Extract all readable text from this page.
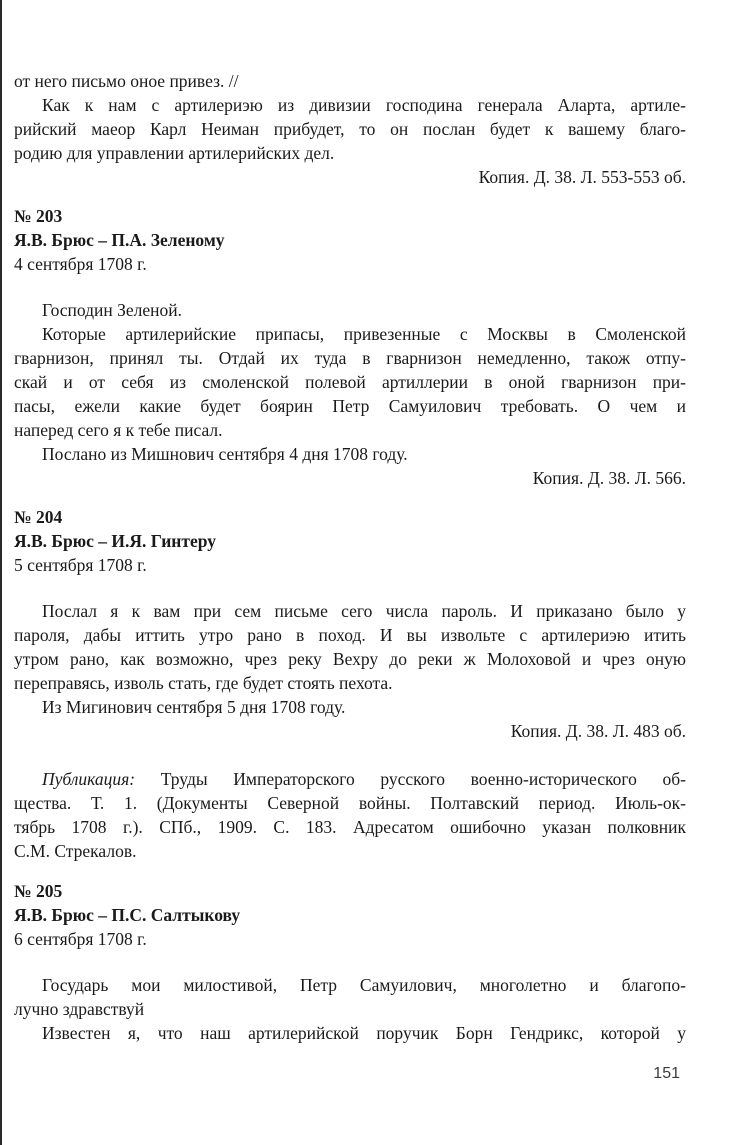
от него письмо оное привез. //
Как к нам с артилериэю из дивизии господина генерала Аларта, артиле-
рийский маеор Карл Неиман прибудет, то он послан будет к вашему благо-
родию для управлении артилерийских дел.
Копия. Д. 38. Л. 553-553 об.
№ 203
Я.В. Брюс – П.А. Зеленому
4 сентября 1708 г.
Господин Зеленой.
Которые артилерийские припасы, привезенные с Москвы в Смоленской
гварнизон, принял ты. Отдай их туда в гварнизон немедленно, також отпу-
скай и от себя из смоленской полевой артиллерии в оной гварнизон при-
пасы, ежели какие будет боярин Петр Самуилович требовать. О чем и
наперед сего я к тебе писал.
Послано из Мишнович сентября 4 дня 1708 году.
Копия. Д. 38. Л. 566.
№ 204
Я.В. Брюс – И.Я. Гинтеру
5 сентября 1708 г.
Послал я к вам при сем письме сего числа пароль. И приказано было у
пароля, дабы иттить утро рано в поход. И вы извольте с артилериэю итить
утром рано, как возможно, чрез реку Вехру до реки ж Молоховой и чрез оную
переправясь, изволь стать, где будет стоять пехота.
Из Мигинович сентября 5 дня 1708 году.
Копия. Д. 38. Л. 483 об.
Публикация: Труды Императорского русского военно-исторического об-
щества. Т. 1. (Документы Северной войны. Полтавский период. Июль-ок-
тябрь 1708 г.). СПб., 1909. С. 183. Адресатом ошибочно указан полковник
С.М. Стрекалов.
№ 205
Я.В. Брюс – П.С. Салтыкову
6 сентября 1708 г.
Государь мои милостивой, Петр Самуилович, многолетно и благопо-
лучно здравствуй
Известен я, что наш артилерийской поручик Борн Гендрикс, которой у
151
